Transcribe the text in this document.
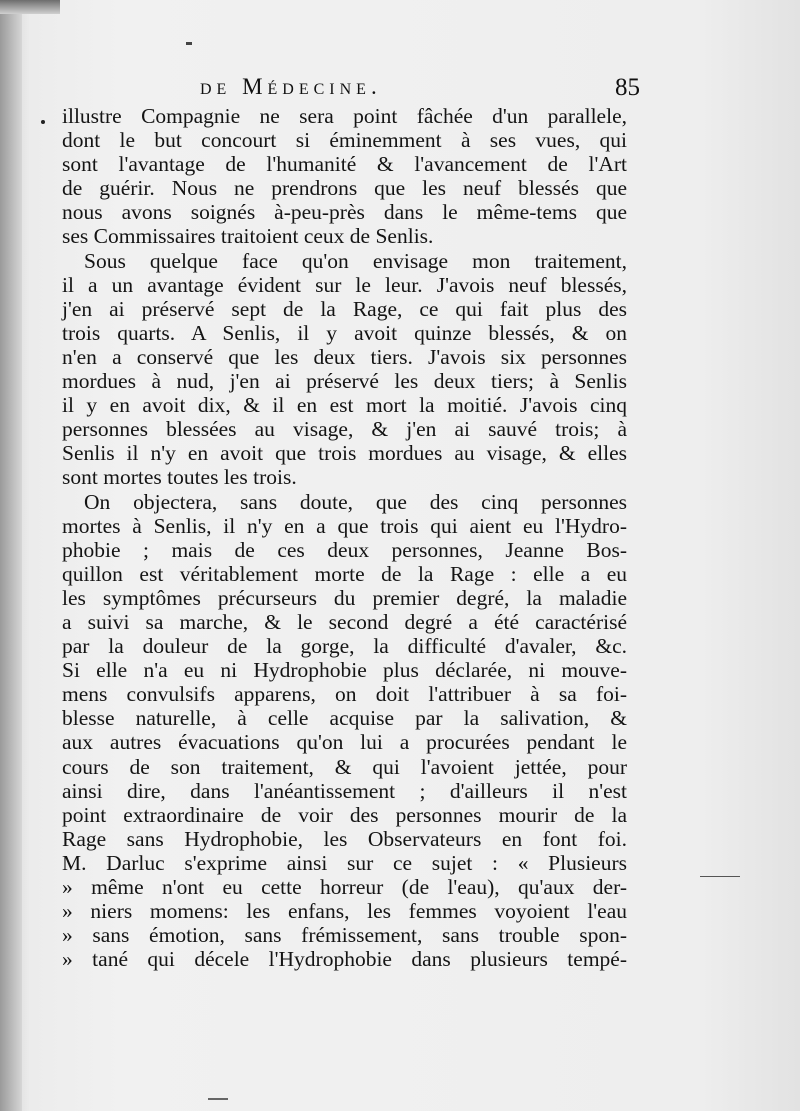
de Médecine.	85
illustre Compagnie ne sera point fâchée d'un parallele,
dont le but concourt si éminemment à ses vues, qui
sont l'avantage de l'humanité & l'avancement de l'Art
de guérir. Nous ne prendrons que les neuf blessés que
nous avons soignés à-peu-près dans le même-tems que
ses Commissaires traitoient ceux de Senlis.
Sous quelque face qu'on envisage mon traitement,
il a un avantage évident sur le leur. J'avois neuf blessés,
j'en ai préservé sept de la Rage, ce qui fait plus des
trois quarts. A Senlis, il y avoit quinze blessés, & on
n'en a conservé que les deux tiers. J'avois six personnes
mordues à nud, j'en ai préservé les deux tiers; à Senlis
il y en avoit dix, & il en est mort la moitié. J'avois cinq
personnes blessées au visage, & j'en ai sauvé trois; à
Senlis il n'y en avoit que trois mordues au visage, & elles
sont mortes toutes les trois.
On objectera, sans doute, que des cinq personnes
mortes à Senlis, il n'y en a que trois qui aient eu l'Hydro-
phobie ; mais de ces deux personnes, Jeanne Bos-
quillon est véritablement morte de la Rage : elle a eu
les symptômes précurseurs du premier degré, la maladie
a suivi sa marche, & le second degré a été caractérisé
par la douleur de la gorge, la difficulté d'avaler, &c.
Si elle n'a eu ni Hydrophobie plus déclarée, ni mouve-
mens convulsifs apparens, on doit l'attribuer à sa foi-
blesse naturelle, à celle acquise par la salivation, &
aux autres évacuations qu'on lui a procurées pendant le
cours de son traitement, & qui l'avoient jettée, pour
ainsi dire, dans l'anéantissement ; d'ailleurs il n'est
point extraordinaire de voir des personnes mourir de la
Rage sans Hydrophobie, les Observateurs en font foi.
M. Darluc s'exprime ainsi sur ce sujet : « Plusieurs
» même n'ont eu cette horreur (de l'eau), qu'aux der-
» niers momens: les enfans, les femmes voyoient l'eau
» sans émotion, sans frémissement, sans trouble spon-
» tané qui décele l'Hydrophobie dans plusieurs tempé-
